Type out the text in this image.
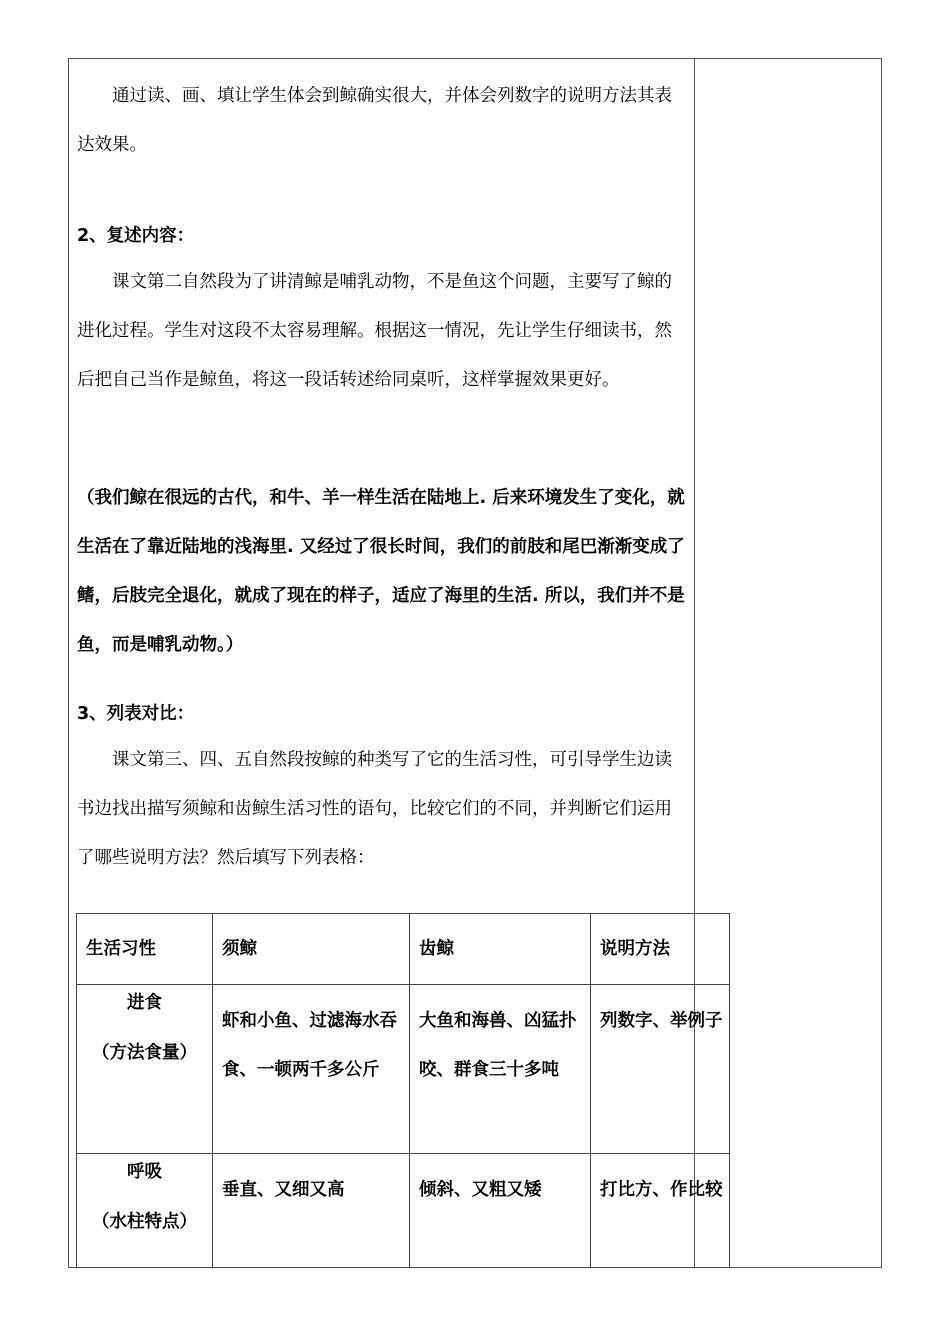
通过读、画、填让学生体会到鲸确实很大，并体会列数字的说明方法其表达效果。

2、复述内容：

课文第二自然段为了讲清鲸是哺乳动物，不是鱼这个问题，主要写了鲸的进化过程。学生对这段不太容易理解。根据这一情况，先让学生仔细读书，然后把自己当作是鲸鱼，将这一段话转述给同桌听，这样掌握效果更好。

（我们鲸在很远的古代，和牛、羊一样生活在陆地上. 后来环境发生了变化，就生活在了靠近陆地的浅海里. 又经过了很长时间，我们的前肢和尾巴渐渐变成了鳍，后肢完全退化，就成了现在的样子，适应了海里的生活. 所以，我们并不是鱼，而是哺乳动物。）

3、列表对比：

课文第三、四、五自然段按鲸的种类写了它的生活习性，可引导学生边读书边找出描写须鲸和齿鲸生活习性的语句，比较它们的不同，并判断它们运用了哪些说明方法？然后填写下列表格：

生活习性	须鲸	齿鲸	说明方法

进食
（方法食量）	虾和小鱼、过滤海水吞食、一顿两千多公斤	大鱼和海兽、凶猛扑咬、群食三十多吨	列数字、举例子

呼吸
（水柱特点）	垂直、又细又高	倾斜、又粗又矮	打比方、作比较
